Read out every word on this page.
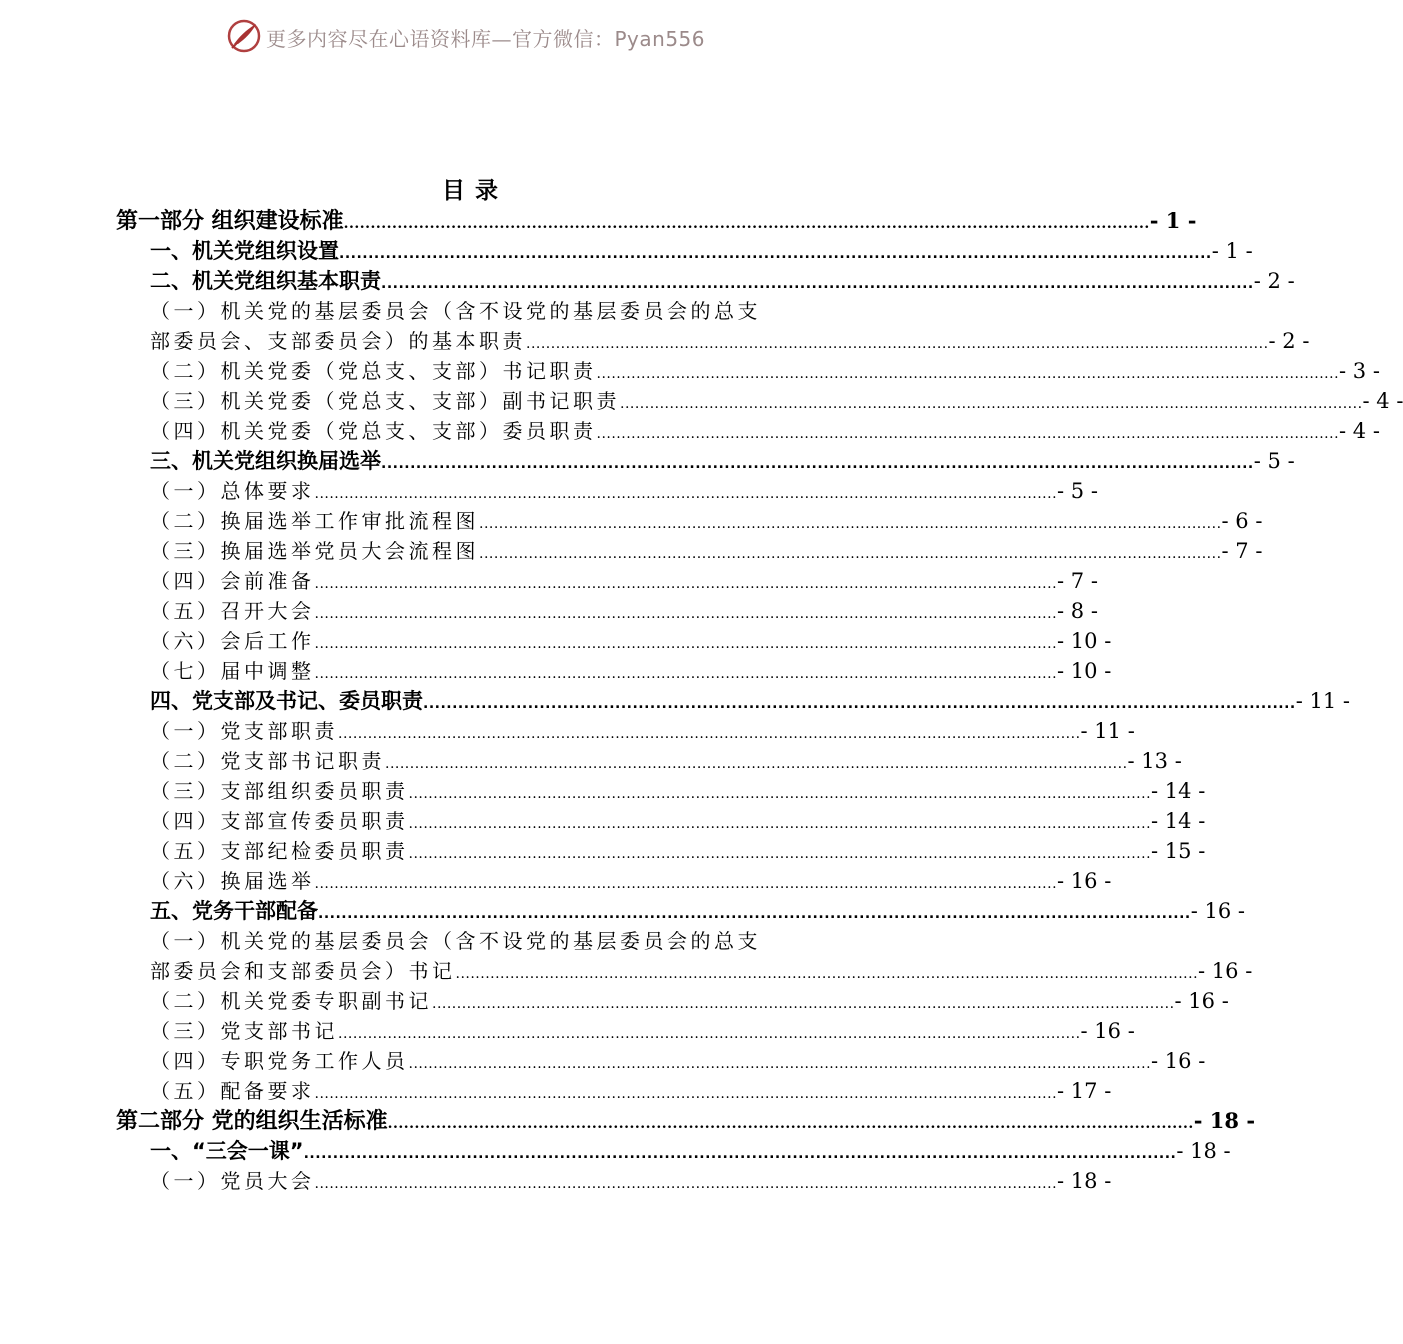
更多内容尽在心语资料库—官方微信：Pyan556
目录
第一部分 组织建设标准 ...................................................................................................................................................... - 1 -
一、机关党组织设置 ...................................................................................................................................................... - 1 -
二、机关党组织基本职责 ...................................................................................................................................................... - 2 -
（一）机关党的基层委员会（含不设党的基层委员会的总支
部委员会、支部委员会）的基本职责 ...................................................................................................................................................... - 2 -
（二）机关党委（党总支、支部）书记职责 ...................................................................................................................................................... - 3 -
（三）机关党委（党总支、支部）副书记职责 ...................................................................................................................................................... - 4 -
（四）机关党委（党总支、支部）委员职责 ...................................................................................................................................................... - 4 -
三、机关党组织换届选举 ...................................................................................................................................................... - 5 -
（一）总体要求 ...................................................................................................................................................... - 5 -
（二）换届选举工作审批流程图 ...................................................................................................................................................... - 6 -
（三）换届选举党员大会流程图 ...................................................................................................................................................... - 7 -
（四）会前准备 ...................................................................................................................................................... - 7 -
（五）召开大会 ...................................................................................................................................................... - 8 -
（六）会后工作 ...................................................................................................................................................... - 10 -
（七）届中调整 ...................................................................................................................................................... - 10 -
四、党支部及书记、委员职责 ...................................................................................................................................................... - 11 -
（一）党支部职责 ...................................................................................................................................................... - 11 -
（二）党支部书记职责 ...................................................................................................................................................... - 13 -
（三）支部组织委员职责 ...................................................................................................................................................... - 14 -
（四）支部宣传委员职责 ...................................................................................................................................................... - 14 -
（五）支部纪检委员职责 ...................................................................................................................................................... - 15 -
（六）换届选举 ...................................................................................................................................................... - 16 -
五、党务干部配备 ...................................................................................................................................................... - 16 -
（一）机关党的基层委员会（含不设党的基层委员会的总支
部委员会和支部委员会）书记 ...................................................................................................................................................... - 16 -
（二）机关党委专职副书记 ...................................................................................................................................................... - 16 -
（三）党支部书记 ...................................................................................................................................................... - 16 -
（四）专职党务工作人员 ...................................................................................................................................................... - 16 -
（五）配备要求 ...................................................................................................................................................... - 17 -
第二部分 党的组织生活标准 ...................................................................................................................................................... - 18 -
一、“三会一课” ...................................................................................................................................................... - 18 -
（一）党员大会 ...................................................................................................................................................... - 18 -
